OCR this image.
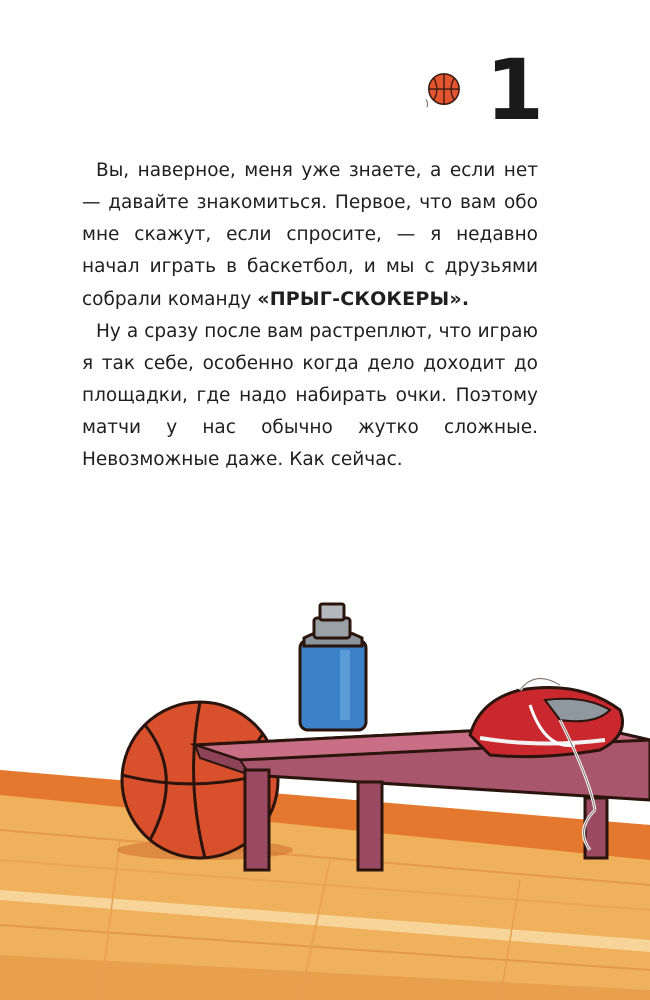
1

Вы, наверное, меня уже знаете, а если нет — давайте знакомиться. Первое, что вам обо мне скажут, если спросите, — я недавно начал играть в баскетбол, и мы с друзьями собрали команду «ПРЫГ-СКОКЕРЫ».

Ну а сразу после вам растреплют, что играю я так себе, особенно когда дело доходит до площадки, где надо набирать очки. Поэтому матчи у нас обычно жутко сложные. Невозможные даже. Как сейчас.
